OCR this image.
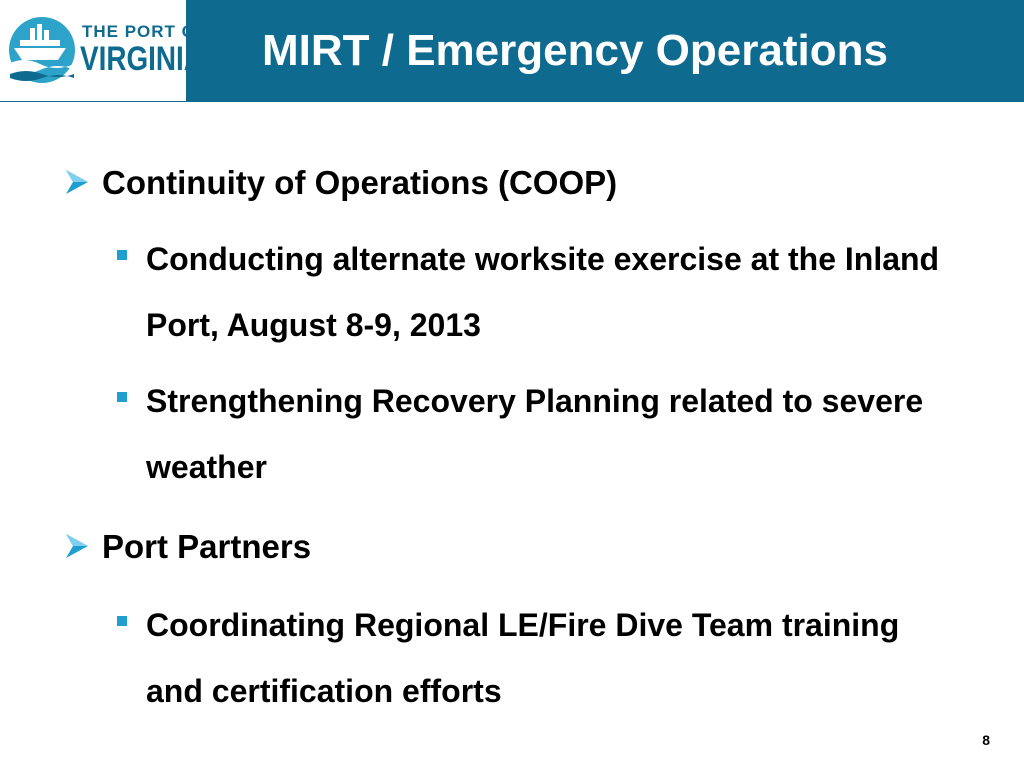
THE PORT OF
VIRGINIA MIRT / Emergency Operations
Continuity of Operations (COOP)
Conducting alternate worksite exercise at the Inland Port, August 8-9, 2013
Strengthening Recovery Planning related to severe weather
Port Partners
Coordinating Regional LE/Fire Dive Team training and certification efforts
8
